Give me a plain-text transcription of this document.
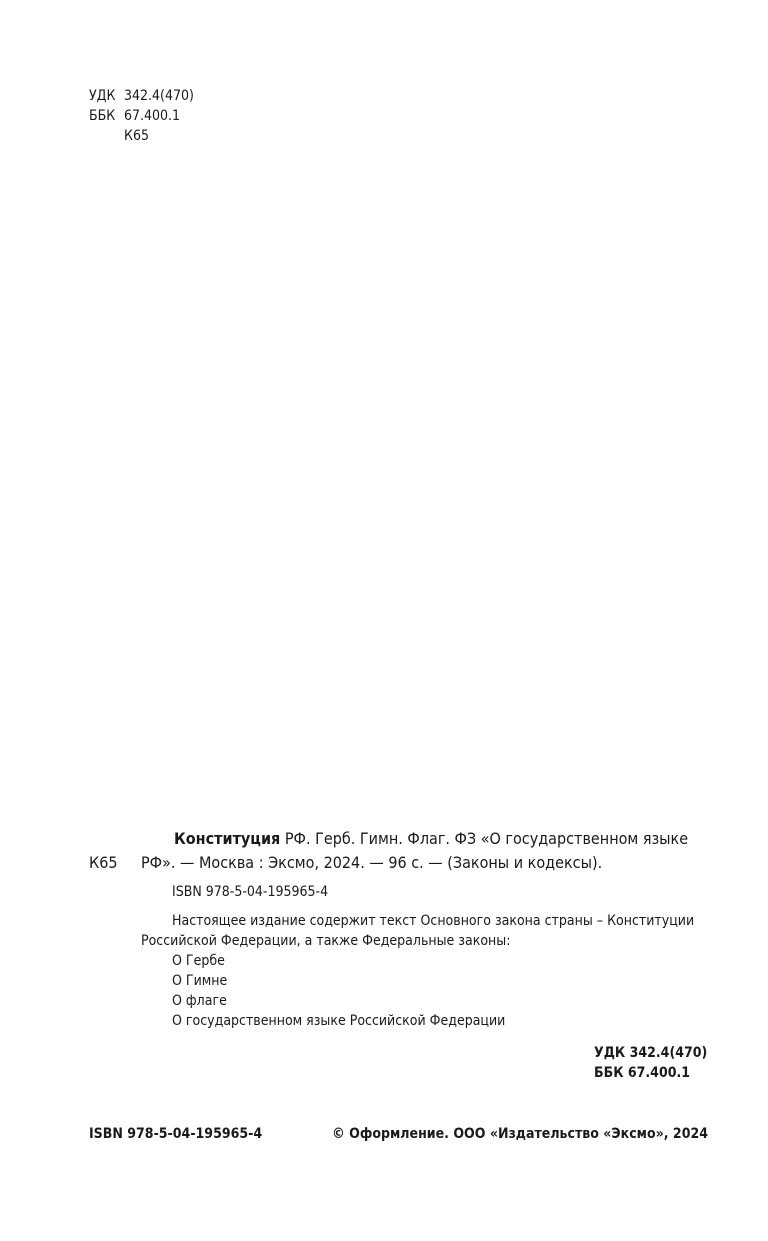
УДК 342.4(470)
ББК 67.400.1
К65
Конституция РФ. Герб. Гимн. Флаг. ФЗ «О государственном языке
К65 РФ». — Москва : Эксмо, 2024. — 96 с. — (Законы и кодексы).
ISBN 978-5-04-195965-4
Настоящее издание содержит текст Основного закона страны – Конституции
Российской Федерации, а также Федеральные законы:
О Гербе
О Гимне
О флаге
О государственном языке Российской Федерации
УДК 342.4(470)
ББК 67.400.1
ISBN 978-5-04-195965-4	© Оформление. ООО «Издательство «Эксмо», 2024
